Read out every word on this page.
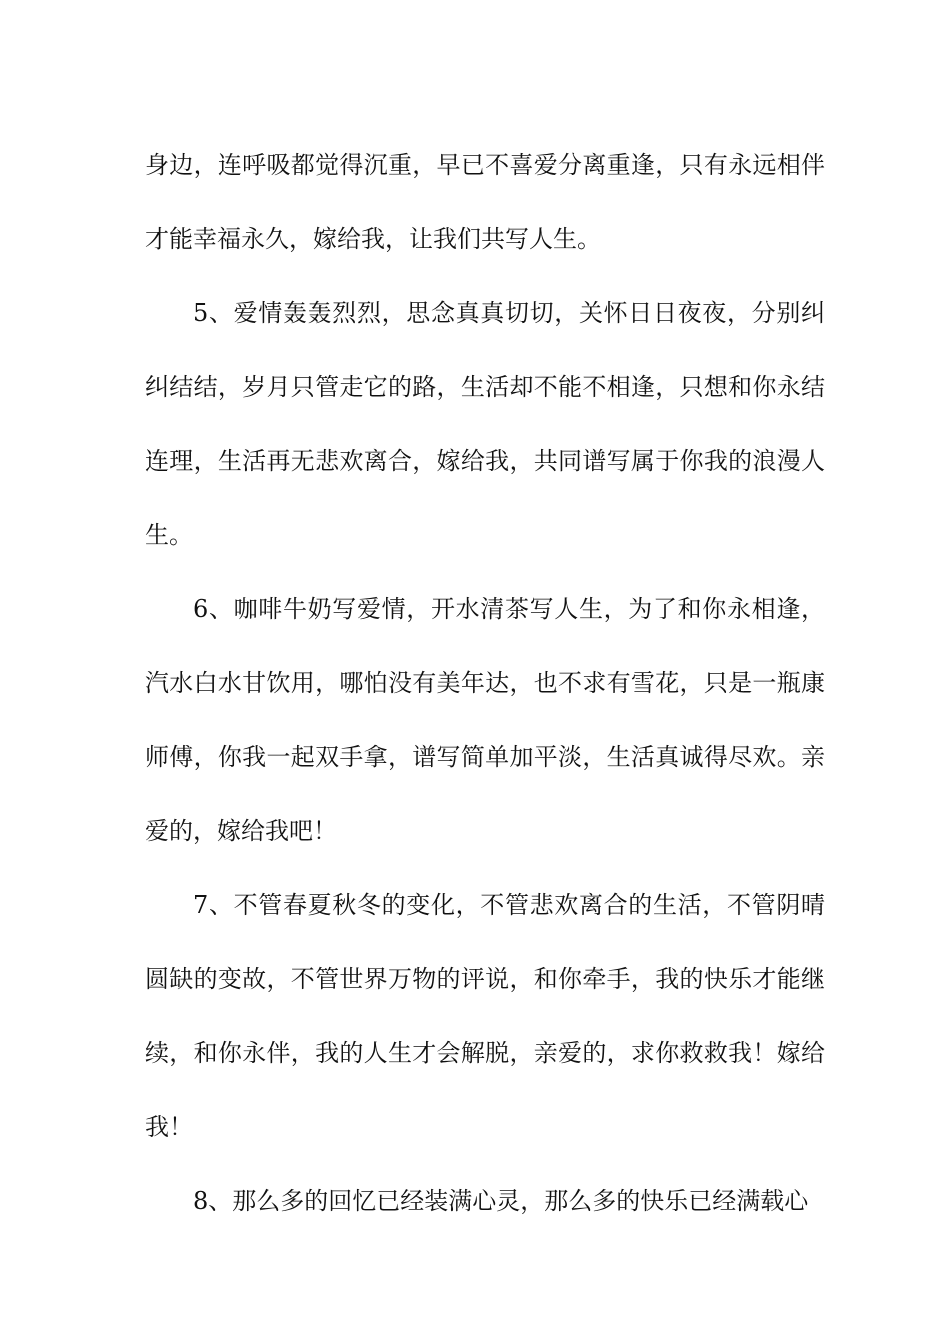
身边，连呼吸都觉得沉重，早已不喜爱分离重逢，只有永远相伴才能幸福永久，嫁给我，让我们共写人生。

5、爱情轰轰烈烈，思念真真切切，关怀日日夜夜，分别纠纠结结，岁月只管走它的路，生活却不能不相逢，只想和你永结连理，生活再无悲欢离合，嫁给我，共同谱写属于你我的浪漫人生。

6、咖啡牛奶写爱情，开水清茶写人生，为了和你永相逢，汽水白水甘饮用，哪怕没有美年达，也不求有雪花，只是一瓶康师傅，你我一起双手拿，谱写简单加平淡，生活真诚得尽欢。亲爱的，嫁给我吧！

7、不管春夏秋冬的变化，不管悲欢离合的生活，不管阴晴圆缺的变故，不管世界万物的评说，和你牵手，我的快乐才能继续，和你永伴，我的人生才会解脱，亲爱的，求你救救我！嫁给我！

8、那么多的回忆已经装满心灵，那么多的快乐已经满载心
